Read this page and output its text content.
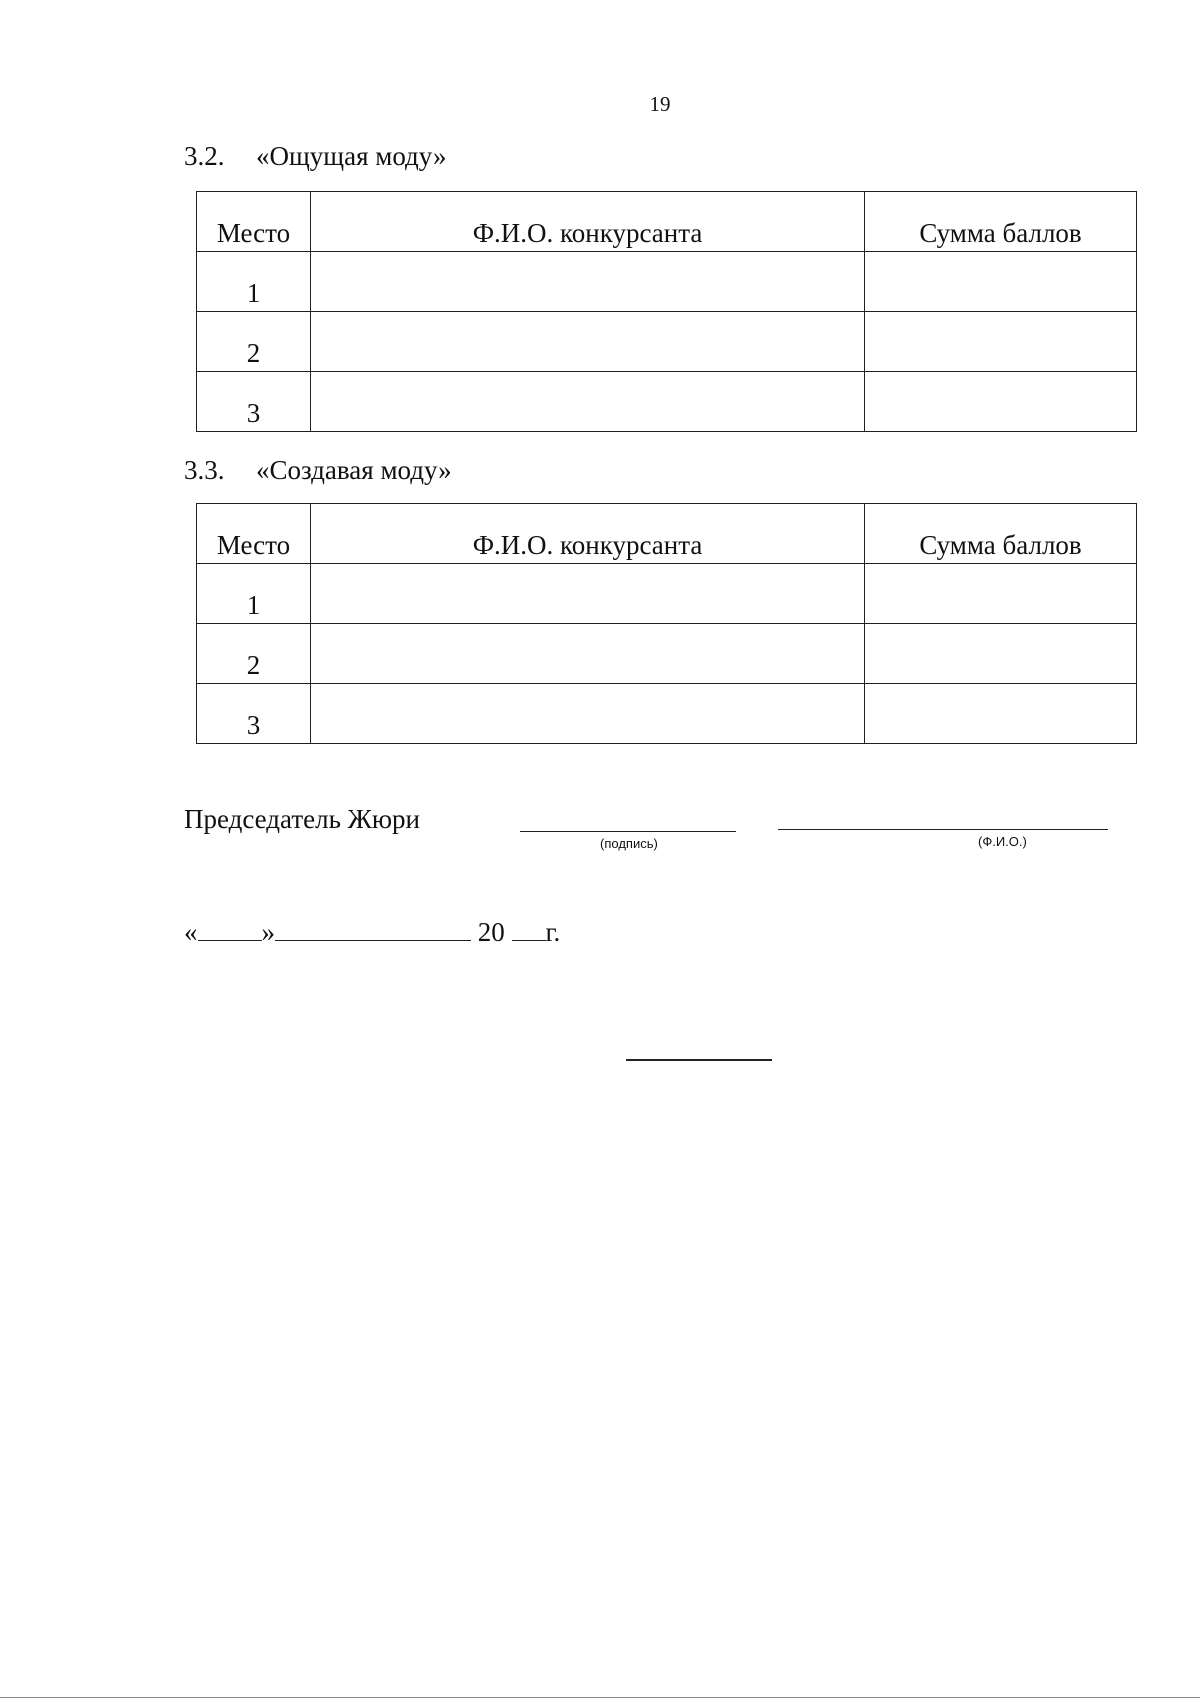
19
3.2. «Ощущая моду»
Место	Ф.И.О. конкурсанта	Сумма баллов
1		
2		
3		
3.3. «Создавая моду»
Место	Ф.И.О. конкурсанта	Сумма баллов
1		
2		
3		
Председатель Жюри
(подпись)	(Ф.И.О.)
« »	20 г.
